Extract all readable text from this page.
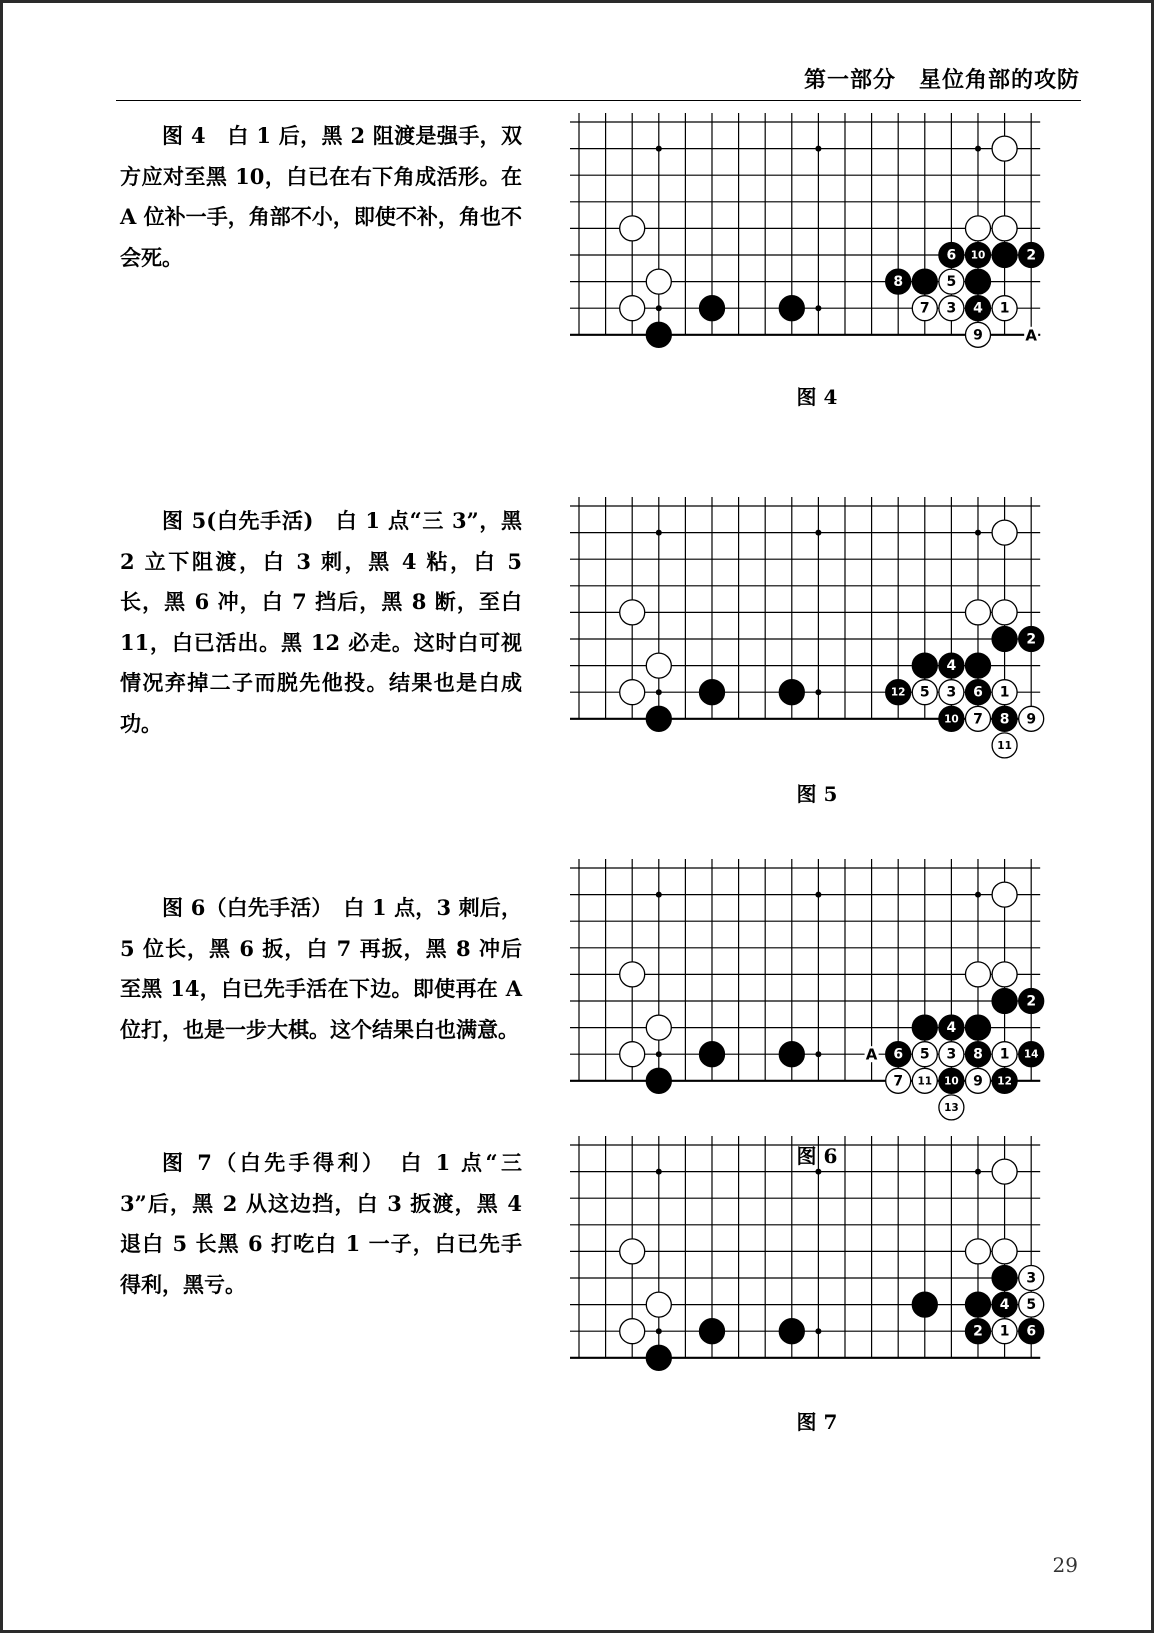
第一部分　星位角部的攻防

图 4　白 1 后，黑 2 阻渡是强手，双方应对至黑 10，白已在右下角成活形。在 A 位补一手，角部不小，即使不补，角也不会死。

图 5(白先手活)　白 1 点“三 3”，黑 2 立下阻渡，白 3 刺，黑 4 粘，白 5 长，黑 6 冲，白 7 挡后，黑 8 断，至白 11，白已活出。黑 12 必走。这时白可视情况弃掉二子而脱先他投。结果也是白成功。

图 6（白先手活）　白 1 点，3 刺后，5 位长，黑 6 扳，白 7 再扳，黑 8 冲后至黑 14，白已先手活在下边。即使再在 A 位打，也是一步大棋。这个结果白也满意。

图 7（白先手得利）　白 1 点“三 3”后，黑 2 从这边挡，白 3 扳渡，黑 4 退白 5 长黑 6 打吃白 1 一子，白已先手得利，黑亏。

6 10	2
8	5
7 3 4 1
9	A
图 4
2
4
12 5 3 6 1
10 7 8 9
11
图 5
2
4
6 5 3 8 1 14
7 11 10 9 12
13
A
图 6
3
4 5
2 1 6
图 7
29
